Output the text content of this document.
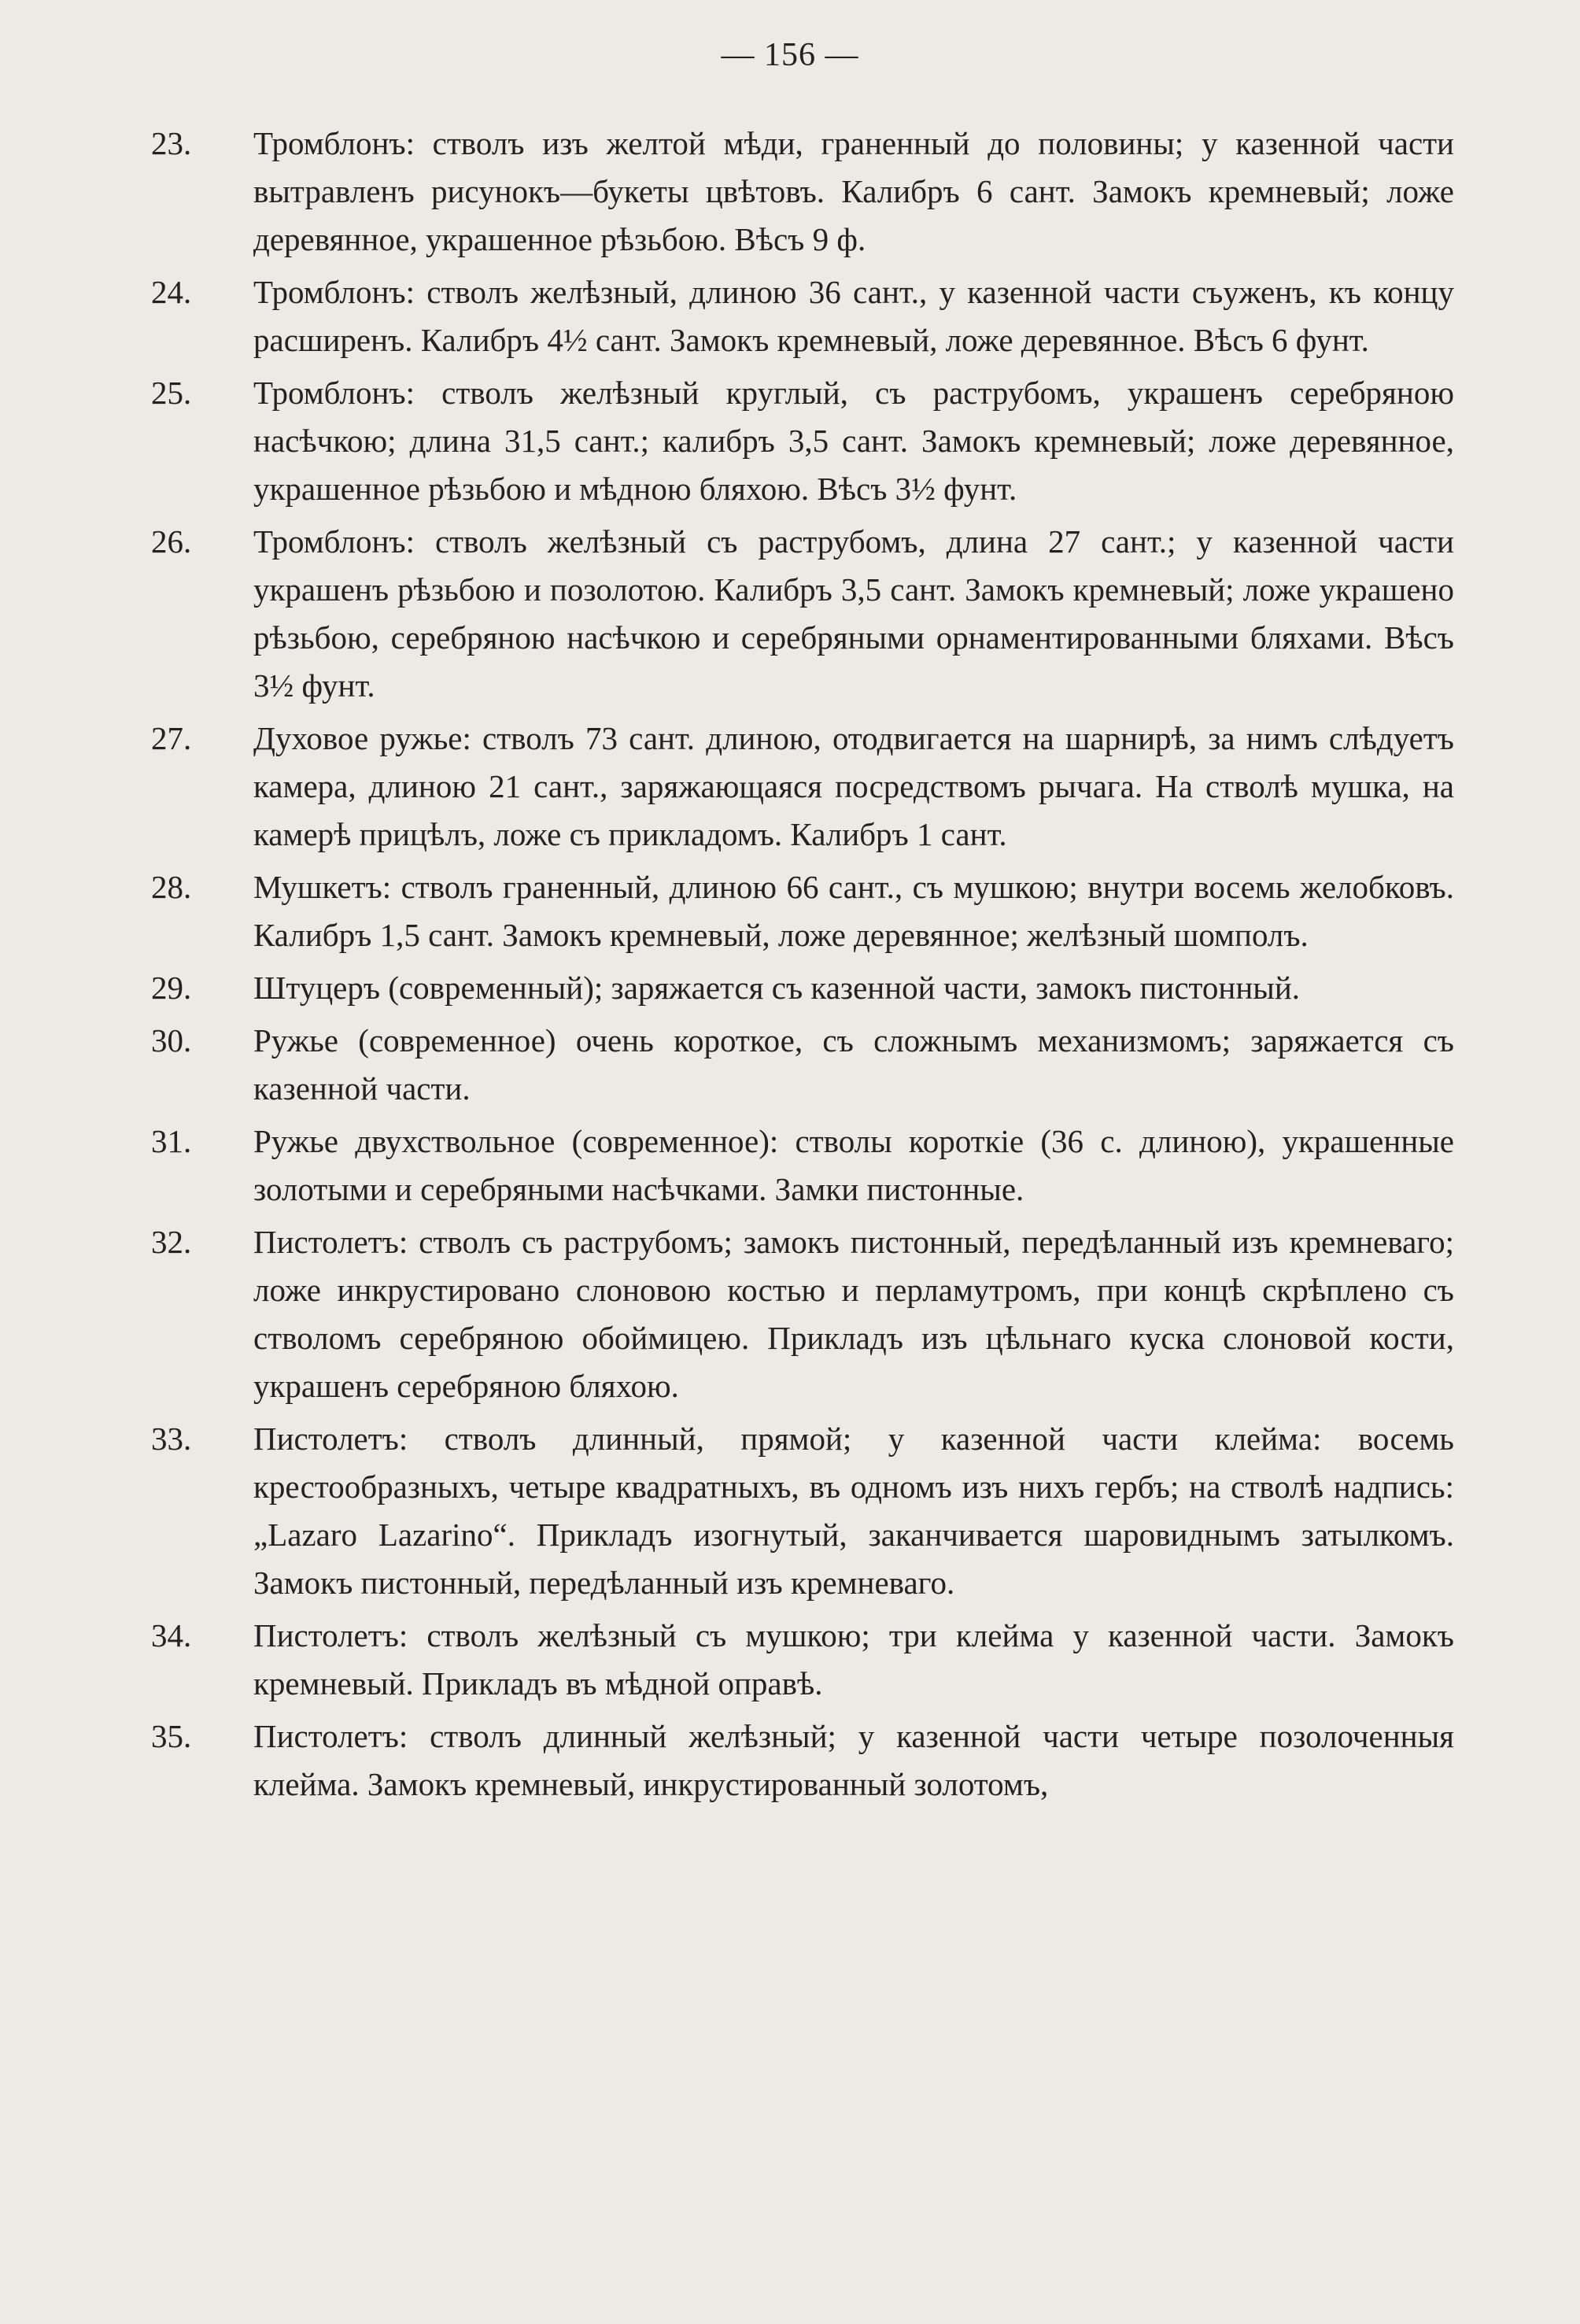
— 156 —
23.	Тромблонъ: стволъ изъ желтой мѣди, граненный до половины; у казенной части вытравленъ рисунокъ—букеты цвѣтовъ. Калибръ 6 сант. Замокъ кремневый; ложе деревянное, украшенное рѣзьбою. Вѣсъ 9 ф.
24.	Тромблонъ: стволъ желѣзный, длиною 36 сант., у казенной части съуженъ, къ концу расширенъ. Калибръ 4½ сант. Замокъ кремневый, ложе деревянное. Вѣсъ 6 фунт.
25.	Тромблонъ: стволъ желѣзный круглый, съ раструбомъ, украшенъ серебряною насѣчкою; длина 31,5 сант.; калибръ 3,5 сант. Замокъ кремневый; ложе деревянное, украшенное рѣзьбою и мѣдною бляхою. Вѣсъ 3½ фунт.
26.	Тромблонъ: стволъ желѣзный съ раструбомъ, длина 27 сант.; у казенной части украшенъ рѣзьбою и позолотою. Калибръ 3,5 сант. Замокъ кремневый; ложе украшено рѣзьбою, серебряною насѣчкою и серебряными орнаментированными бляхами. Вѣсъ 3½ фунт.
27.	Духовое ружье: стволъ 73 сант. длиною, отодвигается на шарнирѣ, за нимъ слѣдуетъ камера, длиною 21 сант., заряжающаяся посредствомъ рычага. На стволѣ мушка, на камерѣ прицѣлъ, ложе съ прикладомъ. Калибръ 1 сант.
28.	Мушкетъ: стволъ граненный, длиною 66 сант., съ мушкою; внутри восемь желобковъ. Калибръ 1,5 сант. Замокъ кремневый, ложе деревянное; желѣзный шомполъ.
29.	Штуцеръ (современный); заряжается съ казенной части, замокъ пистонный.
30.	Ружье (современное) очень короткое, съ сложнымъ механизмомъ; заряжается съ казенной части.
31.	Ружье двухствольное (современное): стволы короткіе (36 с. длиною), украшенные золотыми и серебряными насѣчками. Замки пистонные.
32.	Пистолетъ: стволъ съ раструбомъ; замокъ пистонный, передѣланный изъ кремневаго; ложе инкрустировано слоновою костью и перламутромъ, при концѣ скрѣплено съ стволомъ серебряною обоймицею. Прикладъ изъ цѣльнаго куска слоновой кости, украшенъ серебряною бляхою.
33.	Пистолетъ: стволъ длинный, прямой; у казенной части клейма: восемь крестообразныхъ, четыре квадратныхъ, въ одномъ изъ нихъ гербъ; на стволѣ надпись: „Lazaro Lazarino“. Прикладъ изогнутый, заканчивается шаровиднымъ затылкомъ. Замокъ пистонный, передѣланный изъ кремневаго.
34.	Пистолетъ: стволъ желѣзный съ мушкою; три клейма у казенной части. Замокъ кремневый. Прикладъ въ мѣдной оправѣ.
35.	Пистолетъ: стволъ длинный желѣзный; у казенной части четыре позолоченныя клейма. Замокъ кремневый, инкрустированный золотомъ,
